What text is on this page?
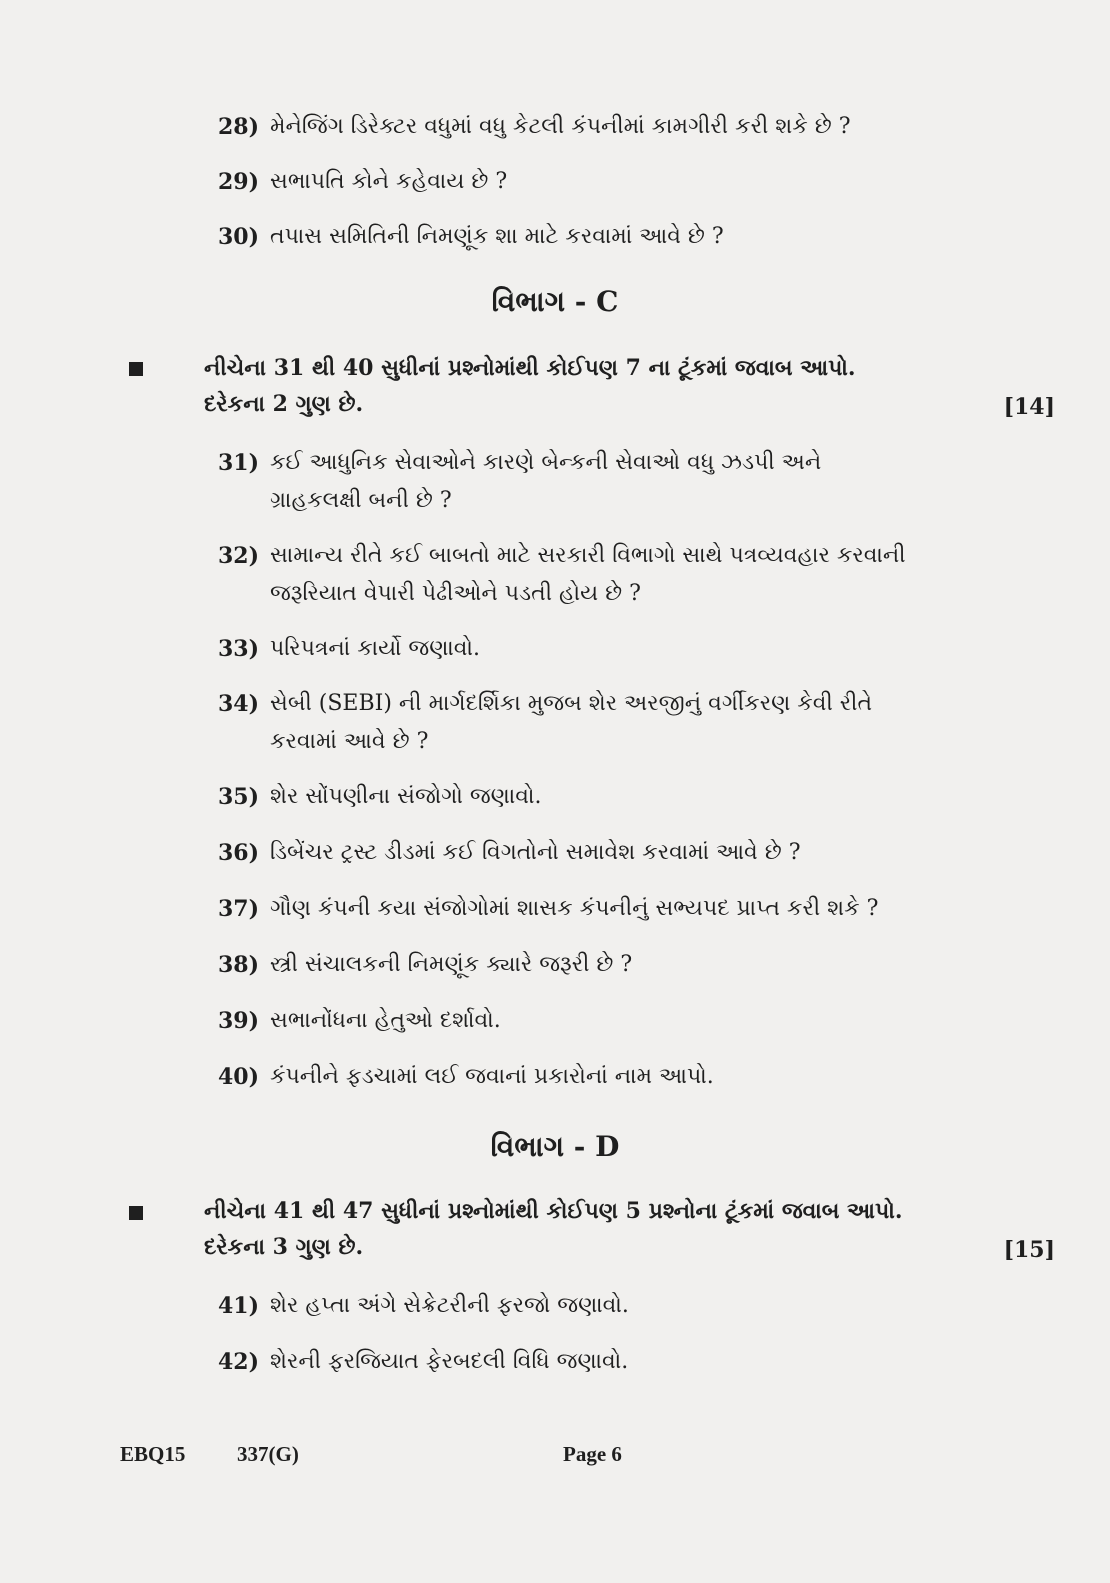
28) મેનેજિંગ ડિરેક્ટર વધુમાં વધુ કેટલી કંપનીમાં કામગીરી કરી શકે છે ?
29) સભાપતિ કોને કહેવાય છે ?
30) તપાસ સમિતિની નિમણૂંક શા માટે કરવામાં આવે છે ?
વિભાગ - C
નીચેના 31 થી 40 સુધીનાં પ્રશ્નોમાંથી કોઈપણ 7 ના ટૂંકમાં જવાબ આપો.
દરેકના 2 ગુણ છે.	[14]
31) કઈ આધુનિક સેવાઓને કારણે બેન્કની સેવાઓ વધુ ઝડપી અને ગ્રાહકલક્ષી બની છે ?
32) સામાન્ય રીતે કઈ બાબતો માટે સરકારી વિભાગો સાથે પત્રવ્યવહાર કરવાની જરૂરિયાત વેપારી પેઢીઓને પડતી હોય છે ?
33) પરિપત્રનાં કાર્યો જણાવો.
34) સેબી (SEBI) ની માર્ગદર્શિકા મુજબ શેર અરજીનું વર્ગીકરણ કેવી રીતે કરવામાં આવે છે ?
35) શેર સોંપણીના સંજોગો જણાવો.
36) ડિબેંચર ટ્રસ્ટ ડીડમાં કઈ વિગતોનો સમાવેશ કરવામાં આવે છે ?
37) ગૌણ કંપની કયા સંજોગોમાં શાસક કંપનીનું સભ્યપદ પ્રાપ્ત કરી શકે ?
38) સ્ત્રી સંચાલકની નિમણૂંક ક્યારે જરૂરી છે ?
39) સભાનોંધના હેતુઓ દર્શાવો.
40) કંપનીને ફડચામાં લઈ જવાનાં પ્રકારોનાં નામ આપો.
વિભાગ - D
નીચેના 41 થી 47 સુધીનાં પ્રશ્નોમાંથી કોઈપણ 5 પ્રશ્નોના ટૂંકમાં જવાબ આપો.
દરેકના 3 ગુણ છે.	[15]
41) શેર હપ્તા અંગે સેક્રેટરીની ફરજો જણાવો.
42) શેરની ફરજિયાત ફેરબદલી વિધિ જણાવો.
EBQ15 337(G)	Page 6
